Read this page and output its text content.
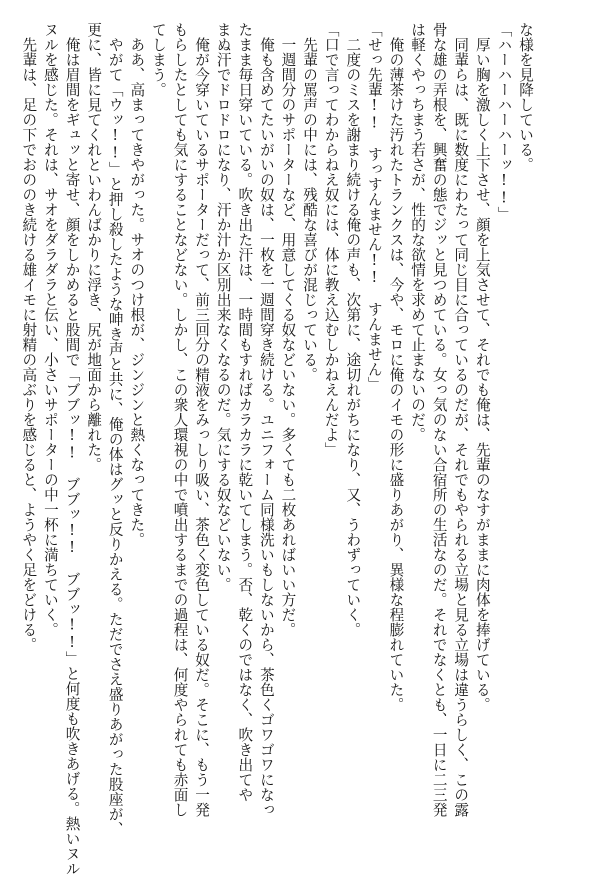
な様を見降している。
「ハーハーハーハーッ!!」
　厚い胸を激しく上下させ、顔を上気させて、それでも俺は、先輩のなすがままに肉体を捧げている。
　同輩らは、既に数度にわたって同じ目に合っているのだが、それでもやられる立場と見る立場は違うらしく、この露
骨な雄の弄根を、興奮の態でジッと見つめている。女っ気のない合宿所の生活なのだ。それでなくとも、一日に二三発
は軽くやっちまう若さが、性的な欲情を求めて止まないのだ。
　俺の薄茶けた汚れたトランクスは、今や、モロに俺のイモの形に盛りあがり、異様な程膨れていた。
「せっ先輩!!　すっすんません!!　すんません」
　二度のミスを謝まり続ける俺の声も、次第に、途切れがちになり、又、うわずっていく。
「口で言ってわからねえ奴には、体に教え込むしかねえんだよ」
　先輩の罵声の中には、残酷な喜びが混じっている。
　一週間分のサポーターなど、用意してくる奴などいない。多くても二枚あればいい方だ。
　俺も含めてたいがいの奴は、一枚を一週間穿き続ける。ユニフォーム同様洗いもしないから、茶色くゴワゴワになっ
たまま毎日穿いている。吹き出た汗は、一時間もすればカラカラに乾いてしまう。否、乾くのではなく、吹き出てや
まぬ汗でドロドロになり、汗か汁か区別出来なくなるのだ。気にする奴などいない。
　俺が今穿いているサポーターだって、前三回分の精液をみっしり吸い、茶色く変色している奴だ。そこに、もう一発
もらしたとしても気にすることなどない。しかし、この衆人環視の中で噴出するまでの過程は、何度やられても赤面し
てしまう。
　ああ、高まってきやがった。サオのつけ根が、ジンジンと熱くなってきた。
　やがて「ウッ!!」と押し殺したような呻き声と共に、俺の体はグッと反りかえる。ただでさえ盛りあがった股座が、
更に、皆に見てくれといわんばかりに浮き、尻が地面から離れた。
　俺は眉間をギュッと寄せ、顔をしかめると股間で「ブブッ!!　ブブッ!!　ブブッ!!」と何度も吹きあげる。熱いヌル
ヌルを感じた。それは、サオをダラダラと伝い、小さいサポーターの中一杯に満ちていく。
　先輩は、足の下でおののき続ける雄イモに射精の高ぶりを感じると、ようやく足をどける。
